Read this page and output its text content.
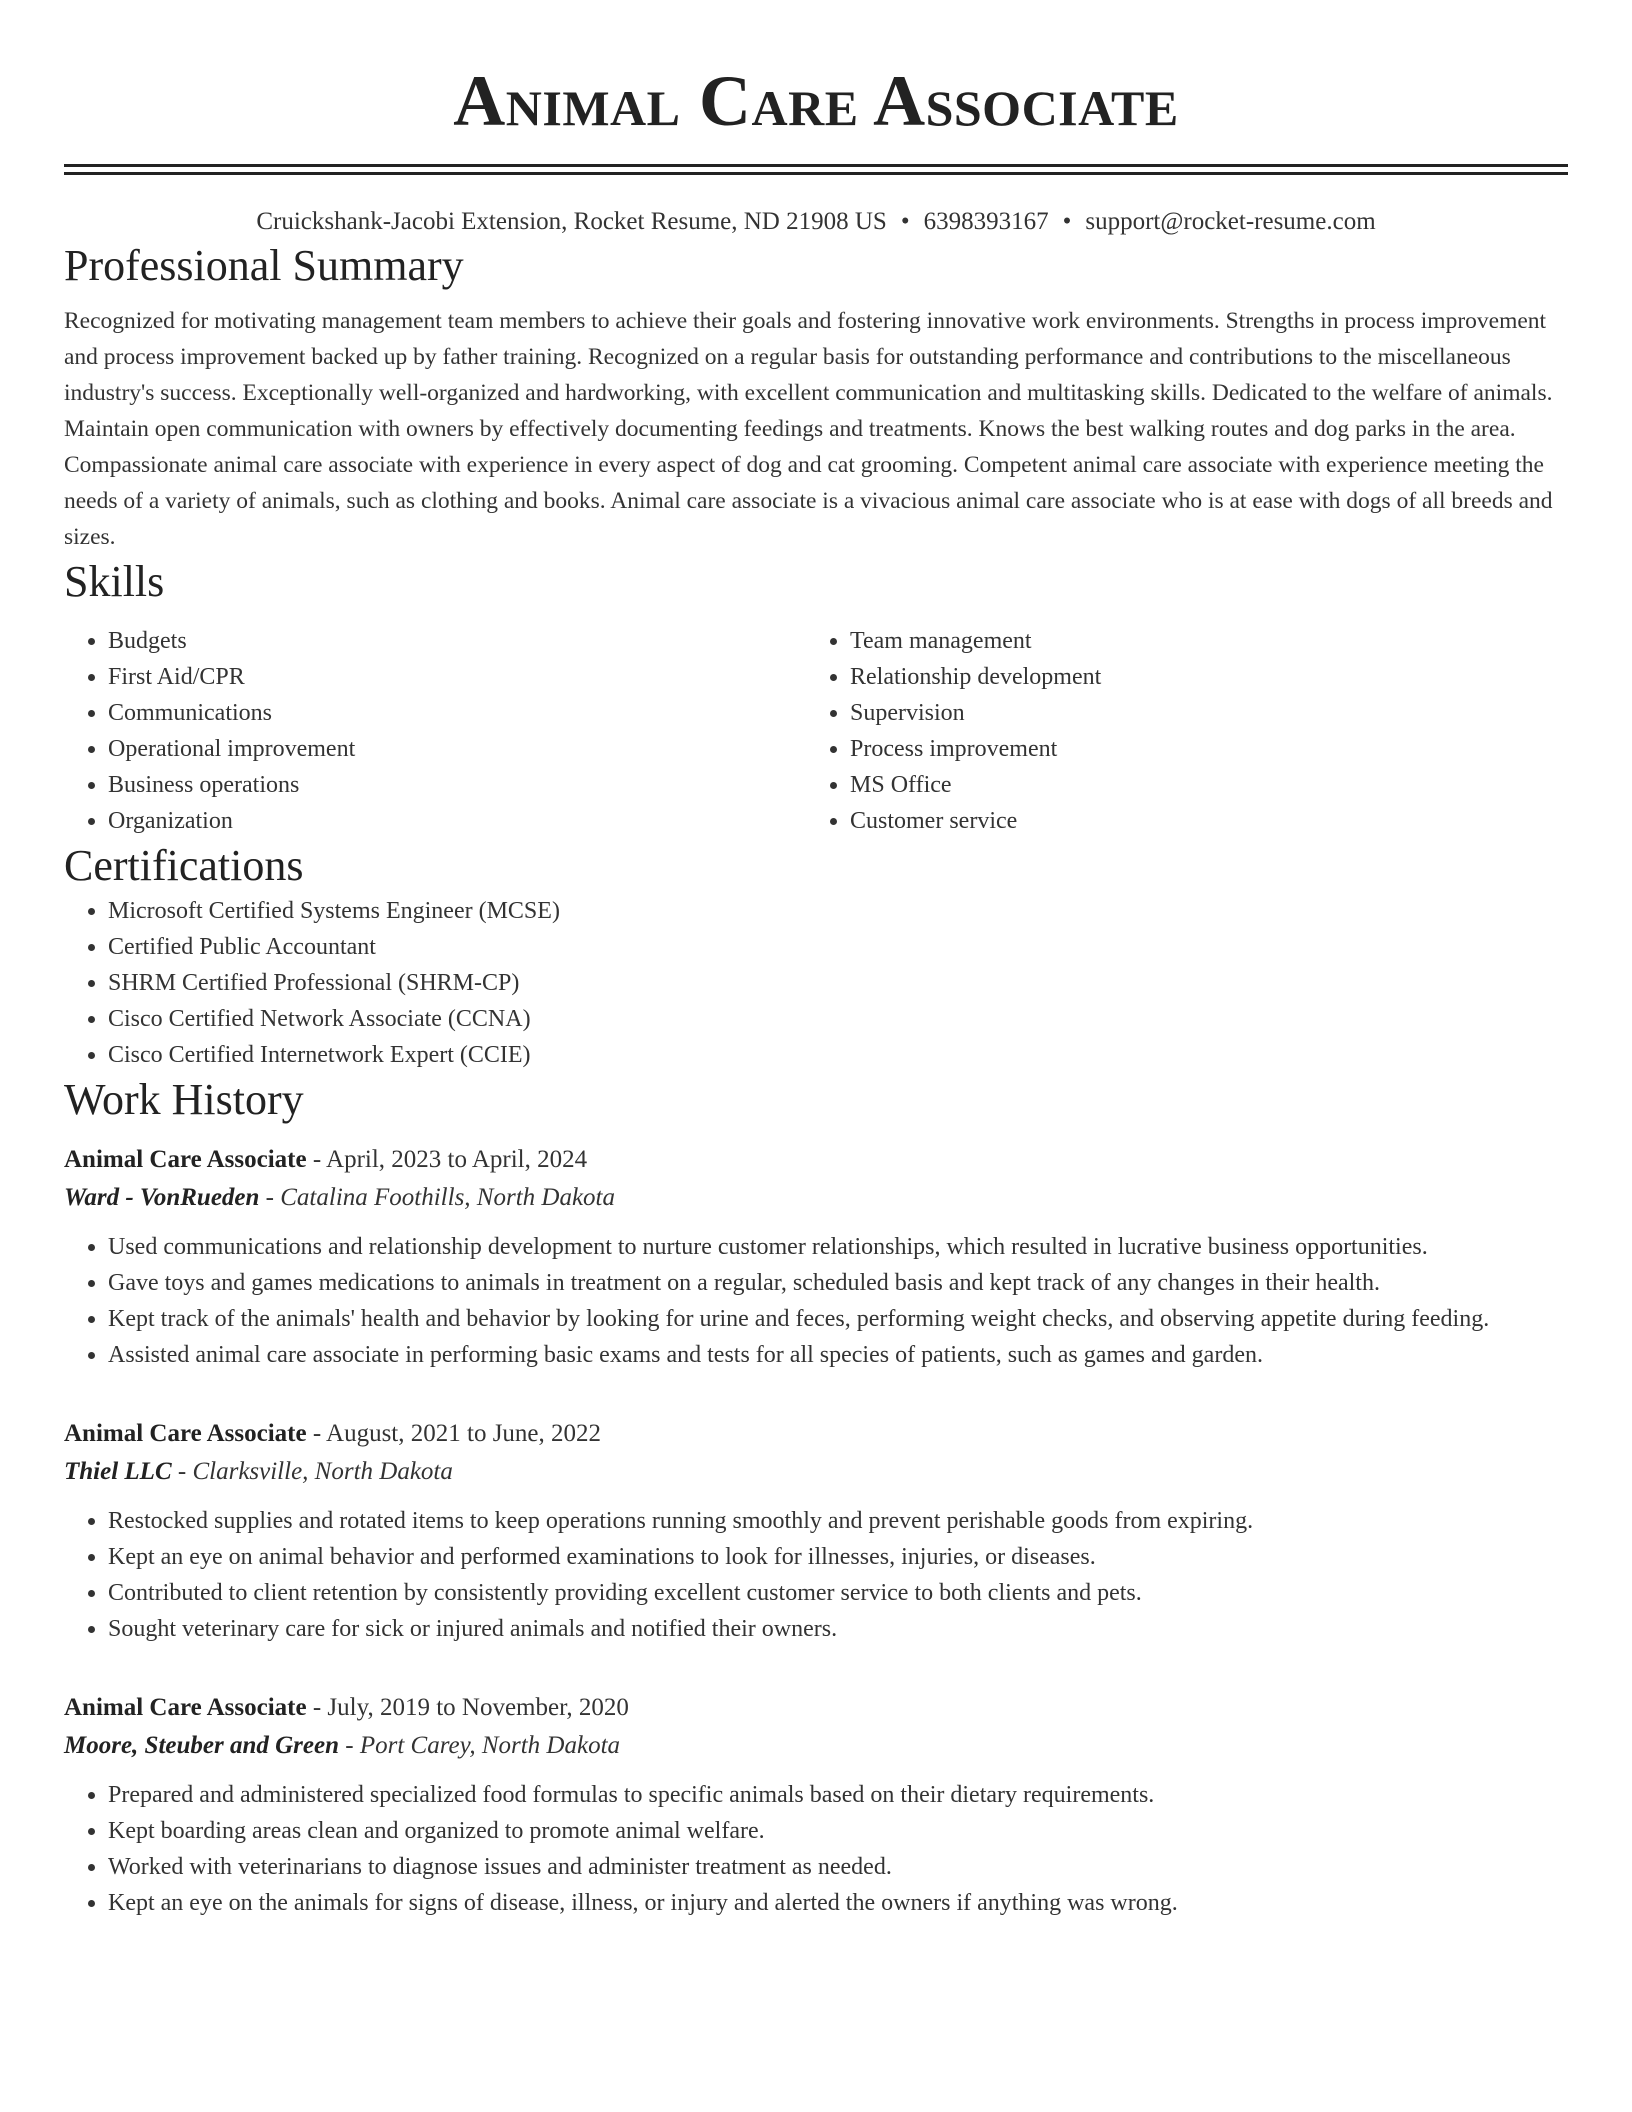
Animal Care Associate
Cruickshank-Jacobi Extension, Rocket Resume, ND 21908 US • 6398393167 • support@rocket-resume.com
Professional Summary

Recognized for motivating management team members to achieve their goals and fostering innovative work environments. Strengths in process improvement and process improvement backed up by father training. Recognized on a regular basis for outstanding performance and contributions to the miscellaneous industry's success. Exceptionally well-organized and hardworking, with excellent communication and multitasking skills. Dedicated to the welfare of animals. Maintain open communication with owners by effectively documenting feedings and treatments. Knows the best walking routes and dog parks in the area. Compassionate animal care associate with experience in every aspect of dog and cat grooming. Competent animal care associate with experience meeting the needs of a variety of animals, such as clothing and books. Animal care associate is a vivacious animal care associate who is at ease with dogs of all breeds and sizes.

Skills
• Budgets
• First Aid/CPR
• Communications
• Operational improvement
• Business operations
• Organization
• Team management
• Relationship development
• Supervision
• Process improvement
• MS Office
• Customer service
Certifications
• Microsoft Certified Systems Engineer (MCSE)
• Certified Public Accountant
• SHRM Certified Professional (SHRM-CP)
• Cisco Certified Network Associate (CCNA)
• Cisco Certified Internetwork Expert (CCIE)
Work History
Animal Care Associate - April, 2023 to April, 2024
Ward - VonRueden - Catalina Foothills, North Dakota
• Used communications and relationship development to nurture customer relationships, which resulted in lucrative business opportunities.
• Gave toys and games medications to animals in treatment on a regular, scheduled basis and kept track of any changes in their health.
• Kept track of the animals' health and behavior by looking for urine and feces, performing weight checks, and observing appetite during feeding.
• Assisted animal care associate in performing basic exams and tests for all species of patients, such as games and garden.
Animal Care Associate - August, 2021 to June, 2022
Thiel LLC - Clarksville, North Dakota
• Restocked supplies and rotated items to keep operations running smoothly and prevent perishable goods from expiring.
• Kept an eye on animal behavior and performed examinations to look for illnesses, injuries, or diseases.
• Contributed to client retention by consistently providing excellent customer service to both clients and pets.
• Sought veterinary care for sick or injured animals and notified their owners.
Animal Care Associate - July, 2019 to November, 2020
Moore, Steuber and Green - Port Carey, North Dakota
• Prepared and administered specialized food formulas to specific animals based on their dietary requirements.
• Kept boarding areas clean and organized to promote animal welfare.
• Worked with veterinarians to diagnose issues and administer treatment as needed.
• Kept an eye on the animals for signs of disease, illness, or injury and alerted the owners if anything was wrong.
